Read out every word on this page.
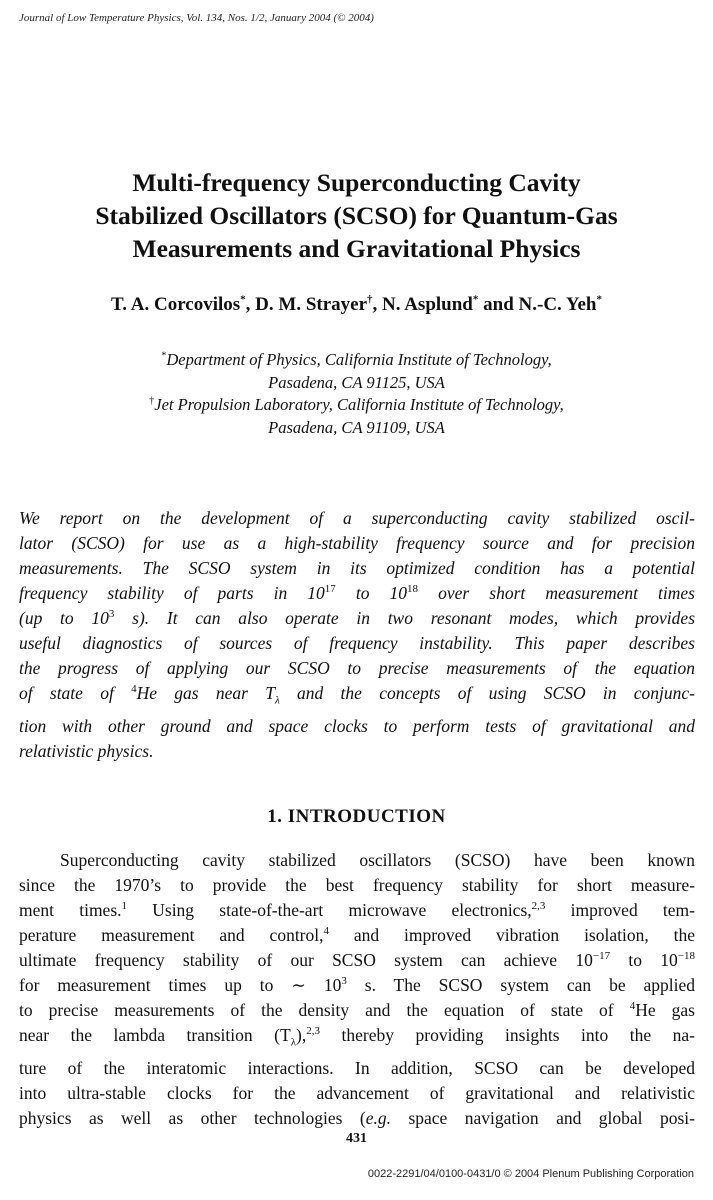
Journal of Low Temperature Physics, Vol. 134, Nos. 1/2, January 2004 (© 2004)
Multi-frequency Superconducting Cavity
Stabilized Oscillators (SCSO) for Quantum-Gas
Measurements and Gravitational Physics
T. A. Corcovilos*, D. M. Strayer†, N. Asplund* and N.-C. Yeh*
*Department of Physics, California Institute of Technology,
Pasadena, CA 91125, USA
†Jet Propulsion Laboratory, California Institute of Technology,
Pasadena, CA 91109, USA
We report on the development of a superconducting cavity stabilized oscil-
lator (SCSO) for use as a high-stability frequency source and for precision
measurements. The SCSO system in its optimized condition has a potential
frequency stability of parts in $10^{17}$ to $10^{18}$ over short measurement times
(up to $10^3$ s). It can also operate in two resonant modes, which provides
useful diagnostics of sources of frequency instability. This paper describes
the progress of applying our SCSO to precise measurements of the equation
of state of $^4$He gas near $T_\lambda$ and the concepts of using SCSO in conjunc-
tion with other ground and space clocks to perform tests of gravitational and
relativistic physics.
1. INTRODUCTION
Superconducting cavity stabilized oscillators (SCSO) have been known
since the 1970’s to provide the best frequency stability for short measure-
ment times.$^1$ Using state-of-the-art microwave electronics,$^{2,3}$ improved tem-
perature measurement and control,$^4$ and improved vibration isolation, the
ultimate frequency stability of our SCSO system can achieve $10^{-17}$ to $10^{-18}$
for measurement times up to ∼ $10^3$ s. The SCSO system can be applied
to precise measurements of the density and the equation of state of $^4$He gas
near the lambda transition $(T_\lambda),^{2,3}$ thereby providing insights into the na-
ture of the interatomic interactions. In addition, SCSO can be developed
into ultra-stable clocks for the advancement of gravitational and relativistic
physics as well as other technologies (e.g. space navigation and global posi-
431
0022-2291/04/0100-0431/0 © 2004 Plenum Publishing Corporation
